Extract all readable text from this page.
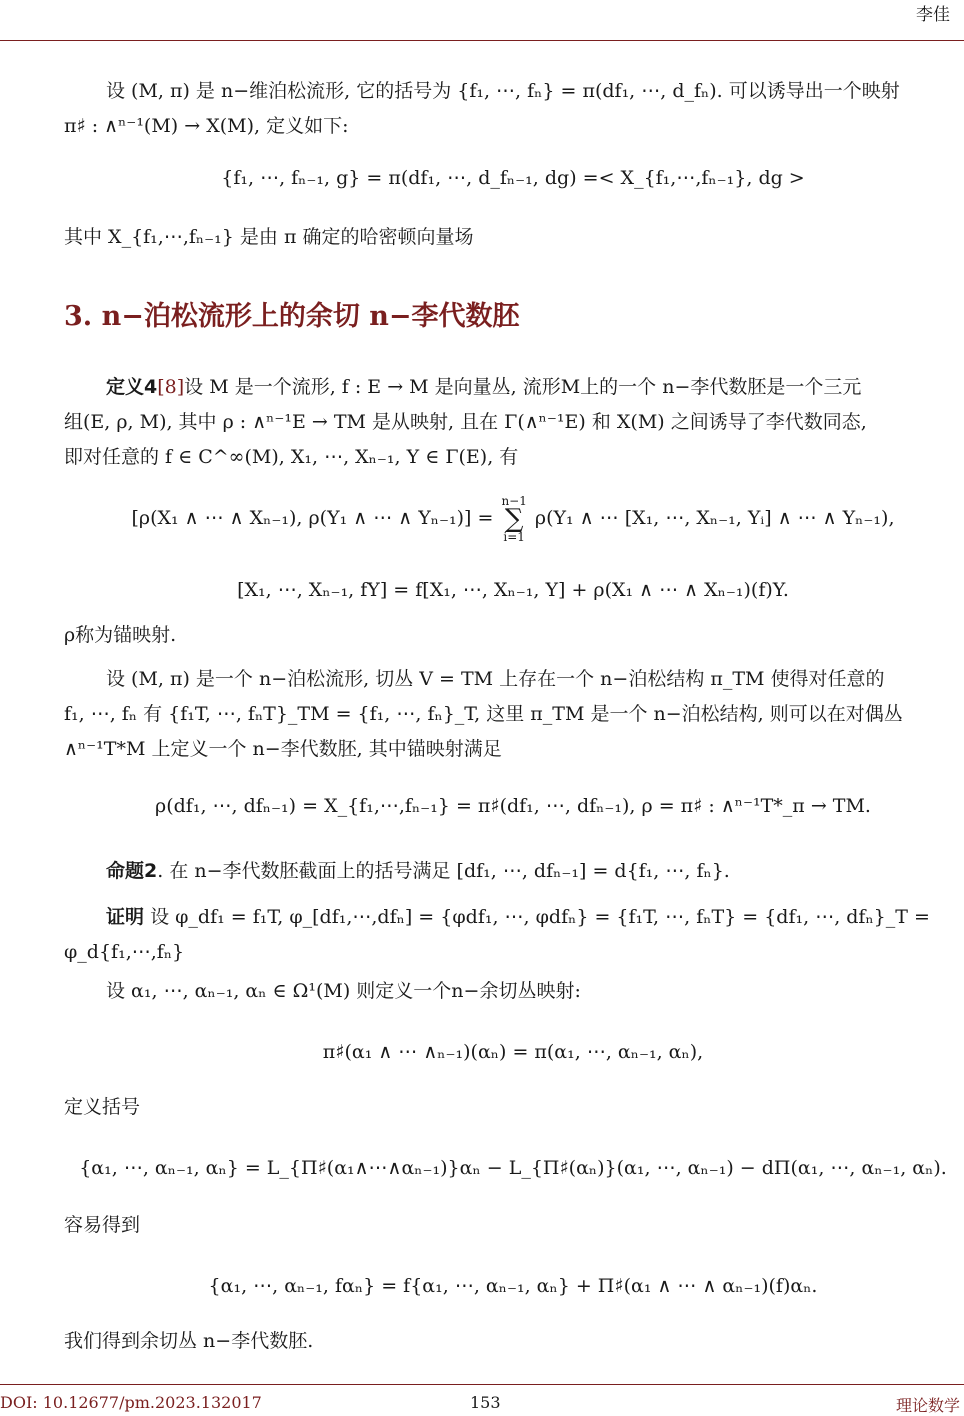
李佳

设 (M, π) 是 n−维泊松流形, 它的括号为 {f₁, ⋯, fₙ} = π(df₁, ⋯, d_fₙ). 可以诱导出一个映射

π♯ : ∧ⁿ⁻¹(M) → X(M), 定义如下:

{f₁, ⋯, fₙ₋₁, g} = π(df₁, ⋯, d_fₙ₋₁, dg) =< X_{f₁,⋯,fₙ₋₁}, dg >

其中 X_{f₁,⋯,fₙ₋₁} 是由 π 确定的哈密顿向量场

3. n−泊松流形上的余切 n−李代数胚

定义4[8]设 M 是一个流形, f : E → M 是向量丛, 流形M上的一个 n−李代数胚是一个三元

组(E, ρ, M), 其中 ρ : ∧ⁿ⁻¹E → TM 是从映射, 且在 Γ(∧ⁿ⁻¹E) 和 X(M) 之间诱导了李代数同态,

即对任意的 f ∈ C^∞(M), X₁, ⋯, Xₙ₋₁, Y ∈ Γ(E), 有

[ρ(X₁ ∧ ⋯ ∧ Xₙ₋₁), ρ(Y₁ ∧ ⋯ ∧ Yₙ₋₁)] =
n−1
∑
i=1
ρ(Y₁ ∧ ⋯ [X₁, ⋯, Xₙ₋₁, Yᵢ] ∧ ⋯ ∧ Yₙ₋₁),
[X₁, ⋯, Xₙ₋₁, fY] = f[X₁, ⋯, Xₙ₋₁, Y] + ρ(X₁ ∧ ⋯ ∧ Xₙ₋₁)(f)Y.

ρ称为锚映射.

设 (M, π) 是一个 n−泊松流形, 切丛 V = TM 上存在一个 n−泊松结构 π_TM 使得对任意的

f₁, ⋯, fₙ 有 {f₁T, ⋯, fₙT}_TM = {f₁, ⋯, fₙ}_T, 这里 π_TM 是一个 n−泊松结构, 则可以在对偶丛

∧ⁿ⁻¹T*M 上定义一个 n−李代数胚, 其中锚映射满足

ρ(df₁, ⋯, dfₙ₋₁) = X_{f₁,⋯,fₙ₋₁} = π♯(df₁, ⋯, dfₙ₋₁), ρ = π♯ : ∧ⁿ⁻¹T*_π → TM.

命题2. 在 n−李代数胚截面上的括号满足 [df₁, ⋯, dfₙ₋₁] = d{f₁, ⋯, fₙ}.

证明 设 φ_df₁ = f₁T, φ_[df₁,⋯,dfₙ] = {φdf₁, ⋯, φdfₙ} = {f₁T, ⋯, fₙT} = {df₁, ⋯, dfₙ}_T =

φ_d{f₁,⋯,fₙ}

设 α₁, ⋯, αₙ₋₁, αₙ ∈ Ω¹(M) 则定义一个n−余切丛映射:

π♯(α₁ ∧ ⋯ ∧ₙ₋₁)(αₙ) = π(α₁, ⋯, αₙ₋₁, αₙ),

定义括号

{α₁, ⋯, αₙ₋₁, αₙ} = L_{Π♯(α₁∧⋯∧αₙ₋₁)}αₙ − L_{Π♯(αₙ)}(α₁, ⋯, αₙ₋₁) − dΠ(α₁, ⋯, αₙ₋₁, αₙ).

容易得到

{α₁, ⋯, αₙ₋₁, fαₙ} = f{α₁, ⋯, αₙ₋₁, αₙ} + Π♯(α₁ ∧ ⋯ ∧ αₙ₋₁)(f)αₙ.

我们得到余切丛 n−李代数胚.

DOI: 10.12677/pm.2023.132017	153	理论数学
